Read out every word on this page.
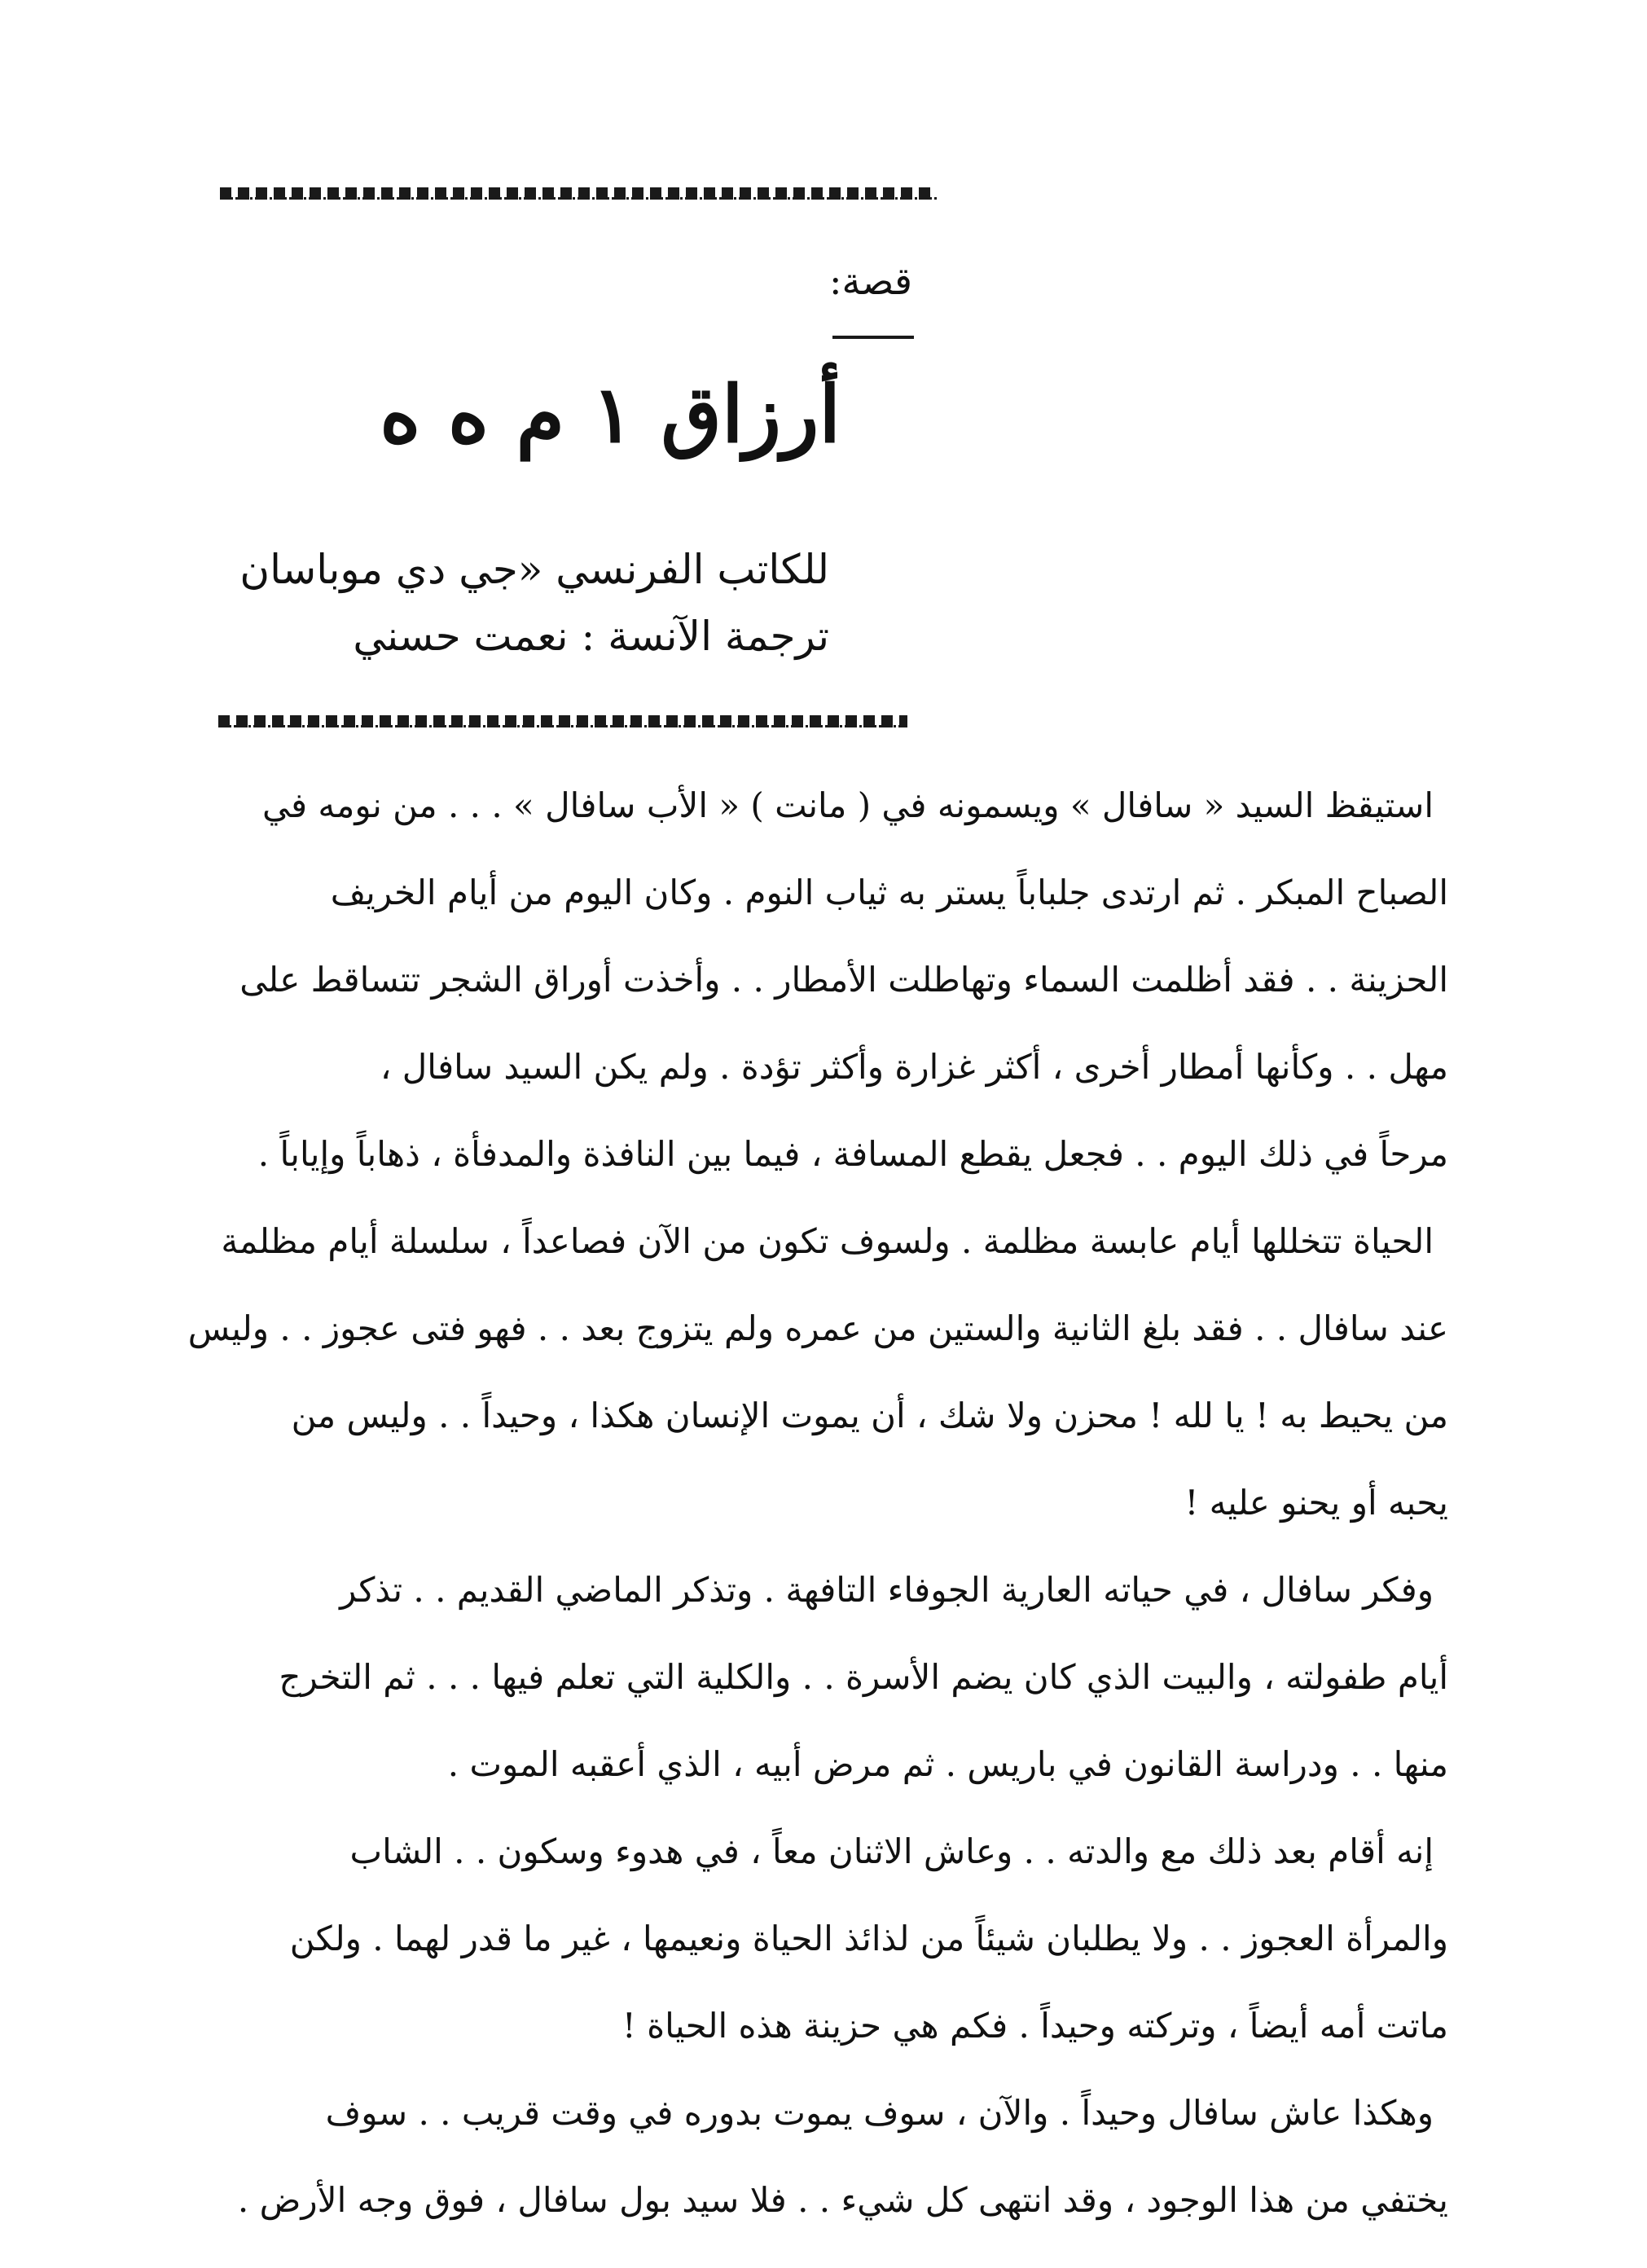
قصة:
أرزاق ١ م ه ه
للكاتب الفرنسي «جي دي موباسان
ترجمة الآنسة : نعمت حسني
استيقظ السيد « سافال » ويسمونه في ( مانت ) « الأب سافال » . . . من نومه في
الصباح المبكر . ثم ارتدى جلباباً يستر به ثياب النوم . وكان اليوم من أيام الخريف
الحزينة . . فقد أظلمت السماء وتهاطلت الأمطار . . وأخذت أوراق الشجر تتساقط على
مهل . . وكأنها أمطار أخرى ، أكثر غزارة وأكثر تؤدة . ولم يكن السيد سافال ،
مرحاً في ذلك اليوم . . فجعل يقطع المسافة ، فيما بين النافذة والمدفأة ، ذهاباً وإياباً .
الحياة تتخللها أيام عابسة مظلمة . ولسوف تكون من الآن فصاعداً ، سلسلة أيام مظلمة
عند سافال . . فقد بلغ الثانية والستين من عمره ولم يتزوج بعد . . فهو فتى عجوز . . وليس
من يحيط به ! يا لله ! محزن ولا شك ، أن يموت الإنسان هكذا ، وحيداً . . وليس من
يحبه أو يحنو عليه !
وفكر سافال ، في حياته العارية الجوفاء التافهة . وتذكر الماضي القديم . . تذكر
أيام طفولته ، والبيت الذي كان يضم الأسرة . . والكلية التي تعلم فيها . . . ثم التخرج
منها . . ودراسة القانون في باريس . ثم مرض أبيه ، الذي أعقبه الموت .
إنه أقام بعد ذلك مع والدته . . وعاش الاثنان معاً ، في هدوء وسكون . . الشاب
والمرأة العجوز . . ولا يطلبان شيئاً من لذائذ الحياة ونعيمها ، غير ما قدر لهما . ولكن
ماتت أمه أيضاً ، وتركته وحيداً . فكم هي حزينة هذه الحياة !
وهكذا عاش سافال وحيداً . والآن ، سوف يموت بدوره في وقت قريب . . سوف
يختفي من هذا الوجود ، وقد انتهى كل شيء . . فلا سيد بول سافال ، فوق وجه الأرض .
